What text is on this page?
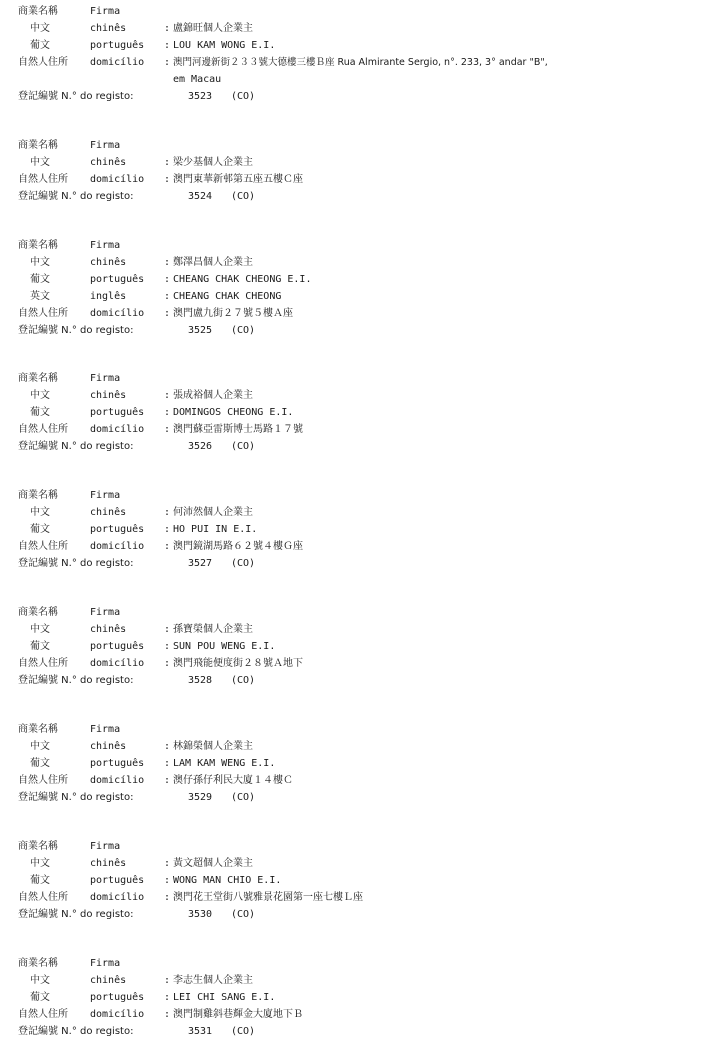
商業名稱	Firma
中文	chinês	: 盧錦旺個人企業主
葡文	português : LOU KAM WONG E.I.
自然人住所 domicílio : 澳門河邊新街２３３號大德樓三樓Ｂ座 Rua Almirante Sergio, n°. 233, 3° andar "B",
em Macau
登記編號 N.° do registo:	3523 (CO)
商業名稱	Firma
中文	chinês	: 梁少基個人企業主
自然人住所 domicílio : 澳門東華新邨第五座五樓Ｃ座
登記編號 N.° do registo:	3524 (CO)
商業名稱	Firma
中文	chinês	: 鄭澤昌個人企業主
葡文	português : CHEANG CHAK CHEONG E.I.
英文	inglês	: CHEANG CHAK CHEONG
自然人住所 domicílio : 澳門盧九街２７號５樓Ａ座
登記編號 N.° do registo:	3525 (CO)
商業名稱	Firma
中文	chinês	: 張成裕個人企業主
葡文	português : DOMINGOS CHEONG E.I.
自然人住所 domicílio : 澳門蘇亞雷斯博士馬路１７號
登記編號 N.° do registo:	3526 (CO)
商業名稱	Firma
中文	chinês	: 何沛然個人企業主
葡文	português : HO PUI IN E.I.
自然人住所 domicílio : 澳門鏡湖馬路６２號４樓Ｇ座
登記編號 N.° do registo:	3527 (CO)
商業名稱	Firma
中文	chinês	: 孫寶榮個人企業主
葡文	português : SUN POU WENG E.I.
自然人住所 domicílio : 澳門飛能便度街２８號Ａ地下
登記編號 N.° do registo:	3528 (CO)
商業名稱	Firma
中文	chinês	: 林錦榮個人企業主
葡文	português : LAM KAM WENG E.I.
自然人住所 domicílio : 澳仔孫仔利民大廈１４樓Ｃ
登記編號 N.° do registo:	3529 (CO)
商業名稱	Firma
中文	chinês	: 黃文超個人企業主
葡文	português : WONG MAN CHIO E.I.
自然人住所 domicílio : 澳門花王堂街八號雅景花園第一座七樓Ｌ座
登記編號 N.° do registo:	3530 (CO)
商業名稱	Firma
中文	chinês	: 李志生個人企業主
葡文	português : LEI CHI SANG E.I.
自然人住所 domicílio : 澳門制雞斜巷輝金大廈地下Ｂ
登記編號 N.° do registo:	3531 (CO)
